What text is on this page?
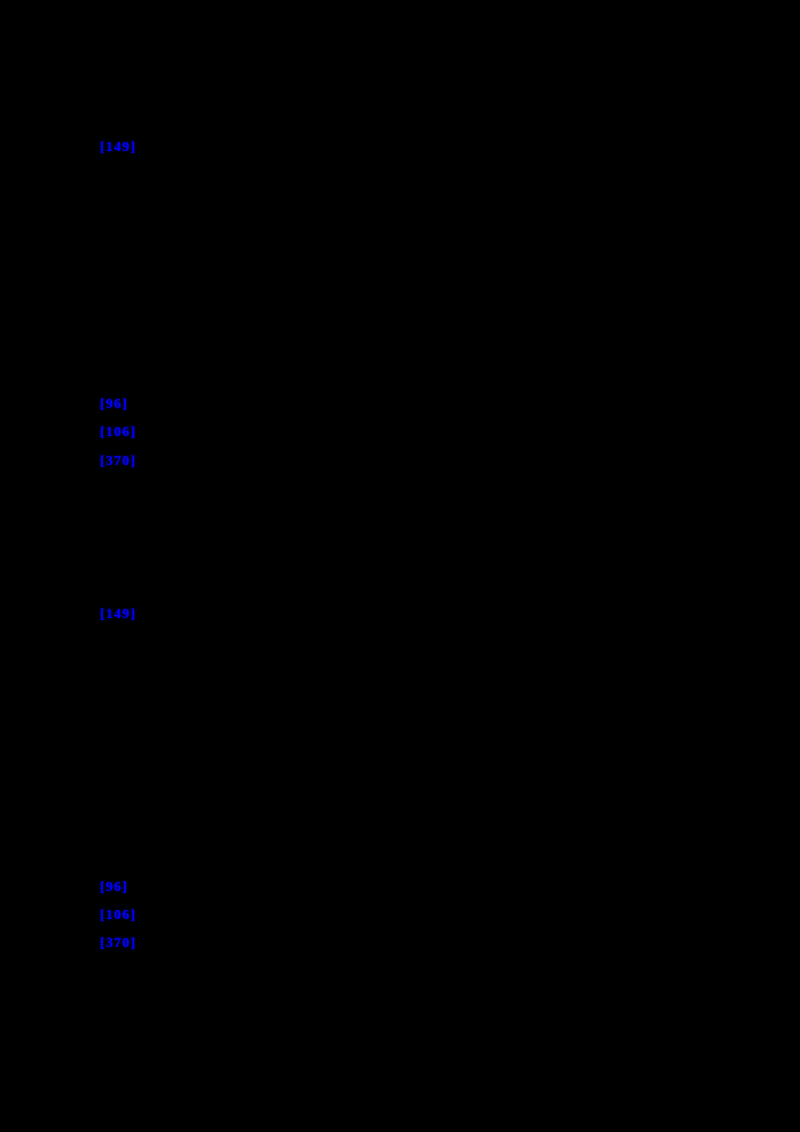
[149]
[96]
[106]
[370]
[149]
[96]
[106]
[370]
